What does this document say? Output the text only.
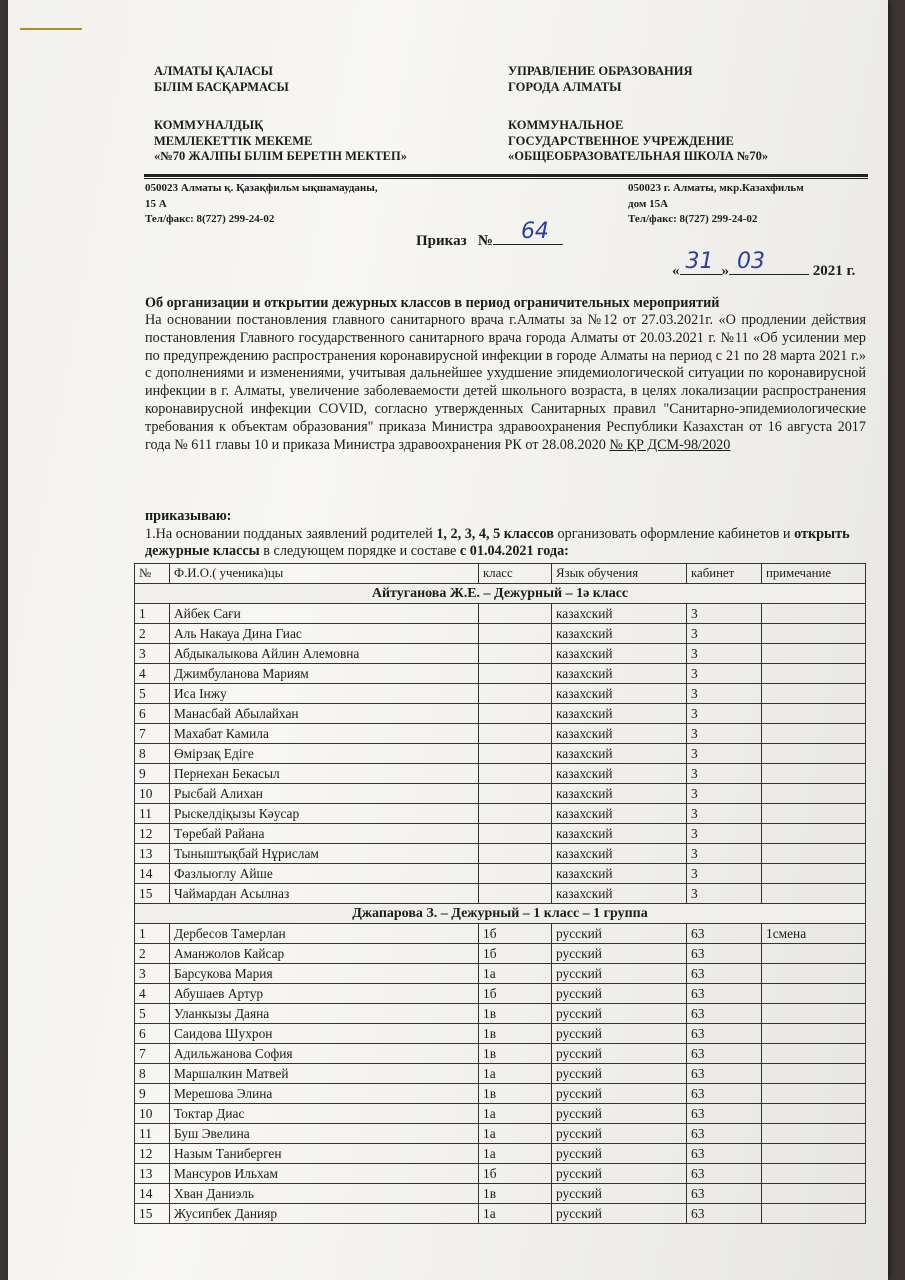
АЛМАТЫ ҚАЛАСЫ
БІЛІМ БАСҚАРМАСЫ
УПРАВЛЕНИЕ ОБРАЗОВАНИЯ
ГОРОДА АЛМАТЫ
КОММУНАЛДЫҚ
МЕМЛЕКЕТТІК МЕКЕМЕ
«№70 ЖАЛПЫ БІЛІМ БЕРЕТІН МЕКТЕП»
КОММУНАЛЬНОЕ
ГОСУДАРСТВЕННОЕ УЧРЕЖДЕНИЕ
«ОБЩЕОБРАЗОВАТЕЛЬНАЯ ШКОЛА №70»
050023 Алматы қ. Қазақфильм ықшамауданы,
15 А
Тел/факс: 8(727) 299-24-02
050023 г. Алматы, мкр.Казахфильм
дом 15А
Тел/факс: 8(727) 299-24-02
Приказ № 64
« 31 » 03	2021 г.
Об организации и открытии дежурных классов в период ограничительных мероприятий

На основании постановления главного санитарного врача г.Алматы за №12 от 27.03.2021г. «О продлении действия постановления Главного государственного санитарного врача города Алматы от 20.03.2021 г. №11 «Об усилении мер по предупреждению распространения коронавирусной инфекции в городе Алматы на период с 21 по 28 марта 2021 г.» с дополнениями и изменениями, учитывая дальнейшее ухудшение эпидемиологической ситуации по коронавирусной инфекции в г. Алматы, увеличение заболеваемости детей школьного возраста, в целях локализации распространения коронавирусной инфекции COVID, согласно утвержденных Санитарных правил "Санитарно-эпидемиологические требования к объектам образования" приказа Министра здравоохранения Республики Казахстан от 16 августа 2017 года № 611 главы 10 и приказа Министра здравоохранения РК от 28.08.2020 № ҚР ДСМ-98/2020

приказываю:
1.На основании подданых заявлений родителей 1, 2, 3, 4, 5 классов организовать оформление кабинетов и открыть дежурные классы в следующем порядке и составе с 01.04.2021 года:
№	Ф.И.О.( ученика)цы	класс	Язык обучения	кабинет	примечание
Айтуганова Ж.Е. – Дежурный – 1ә класс					
1	Айбек Сағи		казахский	3	
2	Аль Накауа Дина Гиас		казахский	3	
3	Абдыкалыкова Айлин Алемовна		казахский	3	
4	Джимбуланова Мариям		казахский	3	
5	Иса Інжу		казахский	3	
6	Манасбай Абылайхан		казахский	3	
7	Махабат Камила		казахский	3	
8	Өмірзақ Едіге		казахский	3	
9	Пернехан Бекасыл		казахский	3	
10	Рысбай Алихан		казахский	3	
11	Рыскелдіқызы Кәусар		казахский	3	
12	Төребай Райана		казахский	3	
13	Тыныштықбай Нұрислам		казахский	3	
14	Фазлыоглу Айше		казахский	3	
15	Чаймардан Асылназ		казахский	3	
Джапарова З. – Дежурный – 1 класс – 1 группа					
1	Дербесов Тамерлан	1б	русский	63	1смена
2	Аманжолов Кайсар	1б	русский	63	
3	Барсукова Мария	1а	русский	63	
4	Абушаев Артур	1б	русский	63	
5	Уланкызы Даяна	1в	русский	63	
6	Саидова Шухрон	1в	русский	63	
7	Адильжанова София	1в	русский	63	
8	Маршалкин Матвей	1а	русский	63	
9	Мерешова Элина	1в	русский	63	
10	Токтар Диас	1а	русский	63	
11	Буш Эвелина	1а	русский	63	
12	Назым Таниберген	1а	русский	63	
13	Мансуров Ильхам	1б	русский	63	
14	Хван Даниэль	1в	русский	63	
15	Жусипбек Данияр	1а	русский	63	
